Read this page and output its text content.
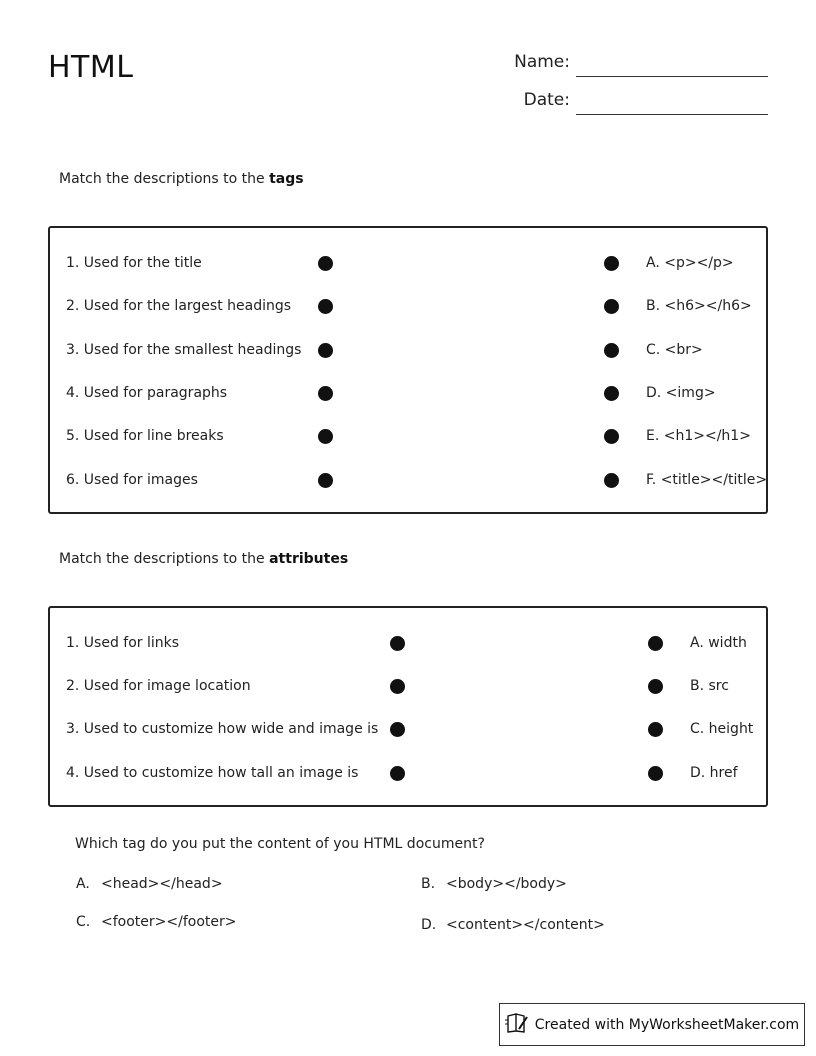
HTML	Name:
Date:
Match the descriptions to the tags
1. Used for the title
2. Used for the largest headings
3. Used for the smallest headings
4. Used for paragraphs
5. Used for line breaks
6. Used for images
A. <p></p>
B. <h6></h6>
C. <br>
D. <img>
E. <h1></h1>
F. <title></title>
Match the descriptions to the attributes
1. Used for links
2. Used for image location
3. Used to customize how wide and image is
4. Used to customize how tall an image is
A. width
B. src
C. height
D. href
Which tag do you put the content of you HTML document?
A. <head></head>	B. <body></body>
C. <footer></footer>	D. <content></content>
Created with MyWorksheetMaker.com
